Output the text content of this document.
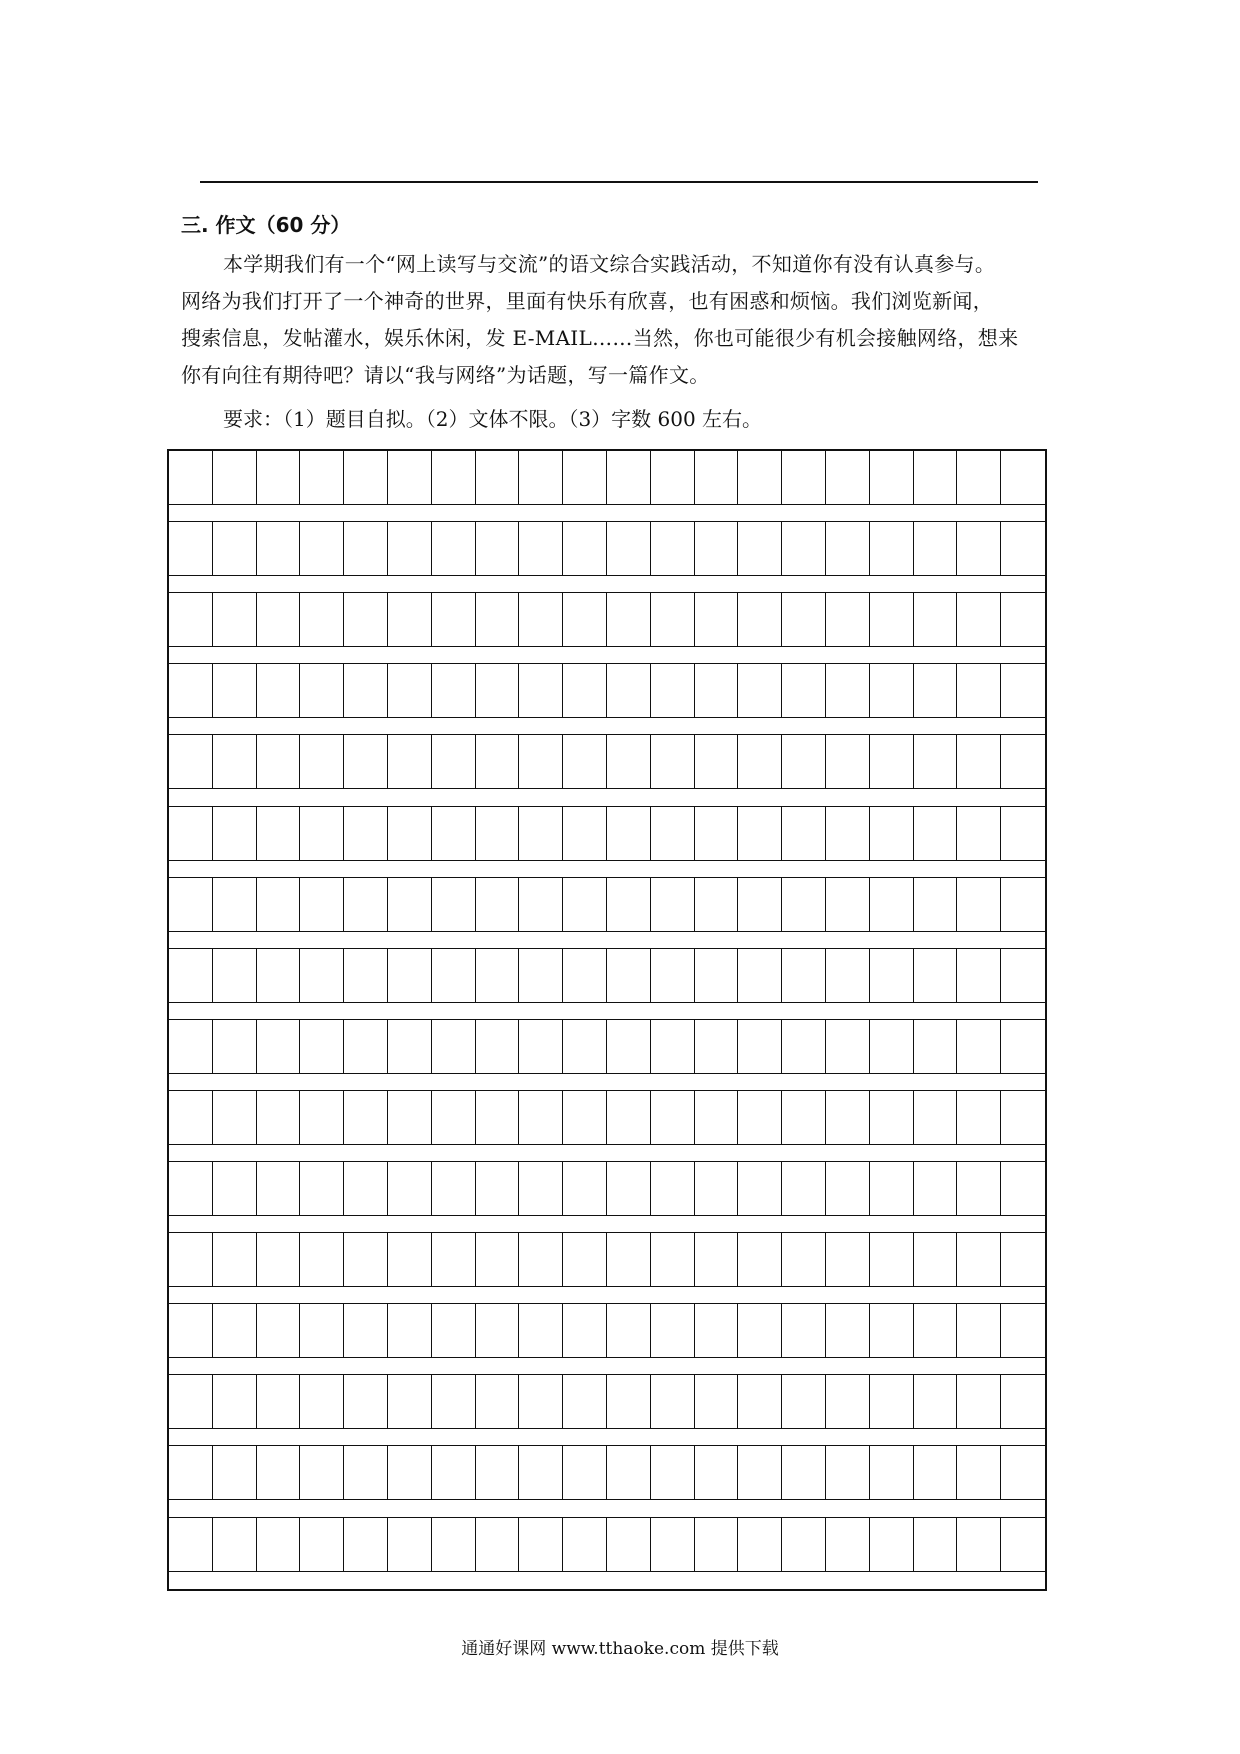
三. 作文（60 分）
本学期我们有一个“网上读写与交流”的语文综合实践活动，不知道你有没有认真参与。
网络为我们打开了一个神奇的世界，里面有快乐有欣喜，也有困惑和烦恼。我们浏览新闻，
搜索信息，发帖灌水，娱乐休闲，发 E-MAIL……当然，你也可能很少有机会接触网络，想来
你有向往有期待吧？请以“我与网络”为话题，写一篇作文。
要求：（1）题目自拟。（2）文体不限。（3）字数 600 左右。
通通好课网 www.tthaoke.com 提供下载
